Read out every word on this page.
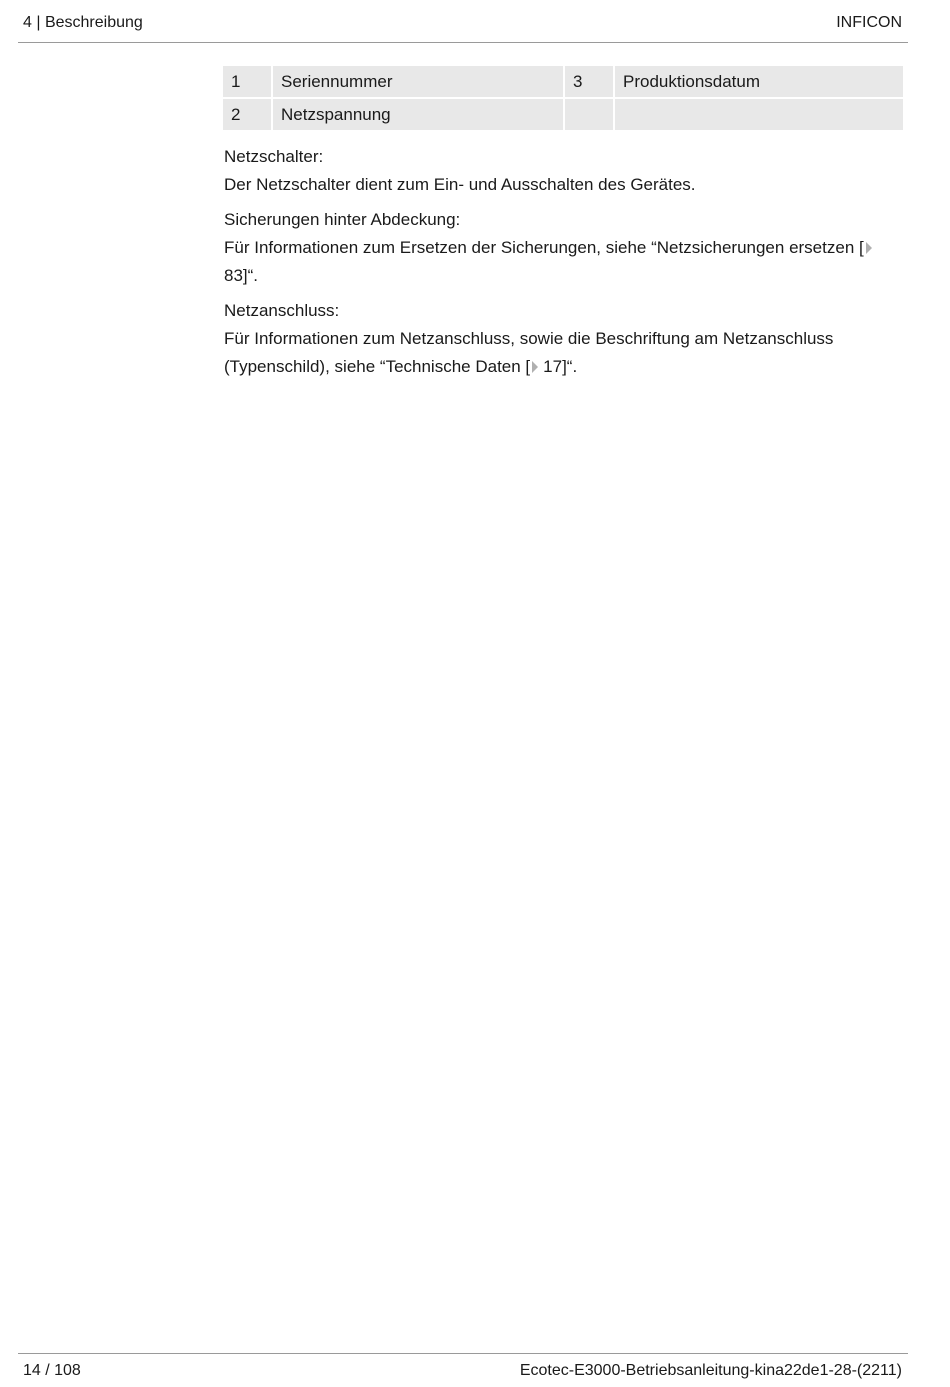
4 | Beschreibung	INFICON
1	Seriennummer	3	Produktionsdatum
2	Netzspannung		

Netzschalter:
Der Netzschalter dient zum Ein- und Ausschalten des Gerätes.

Sicherungen hinter Abdeckung:
Für Informationen zum Ersetzen der Sicherungen, siehe “Netzsicherungen ersetzen [83]“.

Netzanschluss:
Für Informationen zum Netzanschluss, sowie die Beschriftung am Netzanschluss (Typenschild), siehe “Technische Daten [ 17]“.

14 / 108	Ecotec-E3000-Betriebsanleitung-kina22de1-28-(2211)
